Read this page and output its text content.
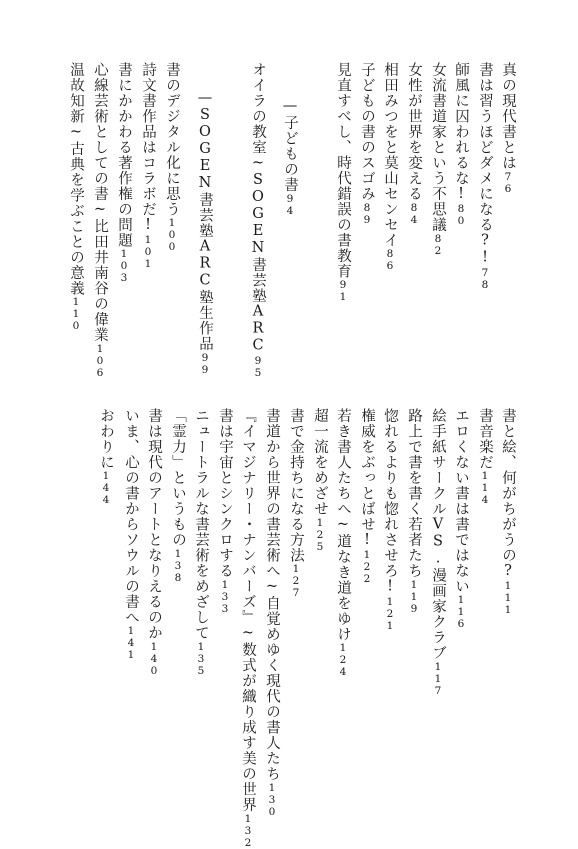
真の現代書とは76
書は習うほどダメになる?!78
師風に囚われるな!80
女流書道家という不思議82
女性が世界を変える84
相田みつをと莫山センセイ86
子どもの書のスゴみ89
見直すべし、時代錯誤の書教育91
—子どもの書94
オイラの教室~SOGEN書芸塾ARC95
—SOGEN書芸塾ARC塾生作品99
書のデジタル化に思う100
詩文書作品はコラボだ!101
書にかかわる著作権の問題103
心線芸術としての書~比田井南谷の偉業106
温故知新~古典を学ぶことの意義110
書と絵、何がちがうの?111
書音楽だ114
エロくない書は書ではない116
絵手紙サークルVS.漫画家クラブ117
路上で書を書く若者たち119
惚れるよりも惚れさせろ!121
権威をぶっとばせ!122
若き書人たちへ~道なき道をゆけ124
超一流をめざせ125
書で金持ちになる方法127
書道から世界の書芸術へ~自覚めゆく現代の書人たち130
『イマジナリー・ナンバーズ』~数式が織り成す美の世界132
書は宇宙とシンクロする133
ニュートラルな書芸術をめざして135
「霊力」というもの138
書は現代のアートとなりえるのか140
いま、心の書からソウルの書へ141
おわりに144
